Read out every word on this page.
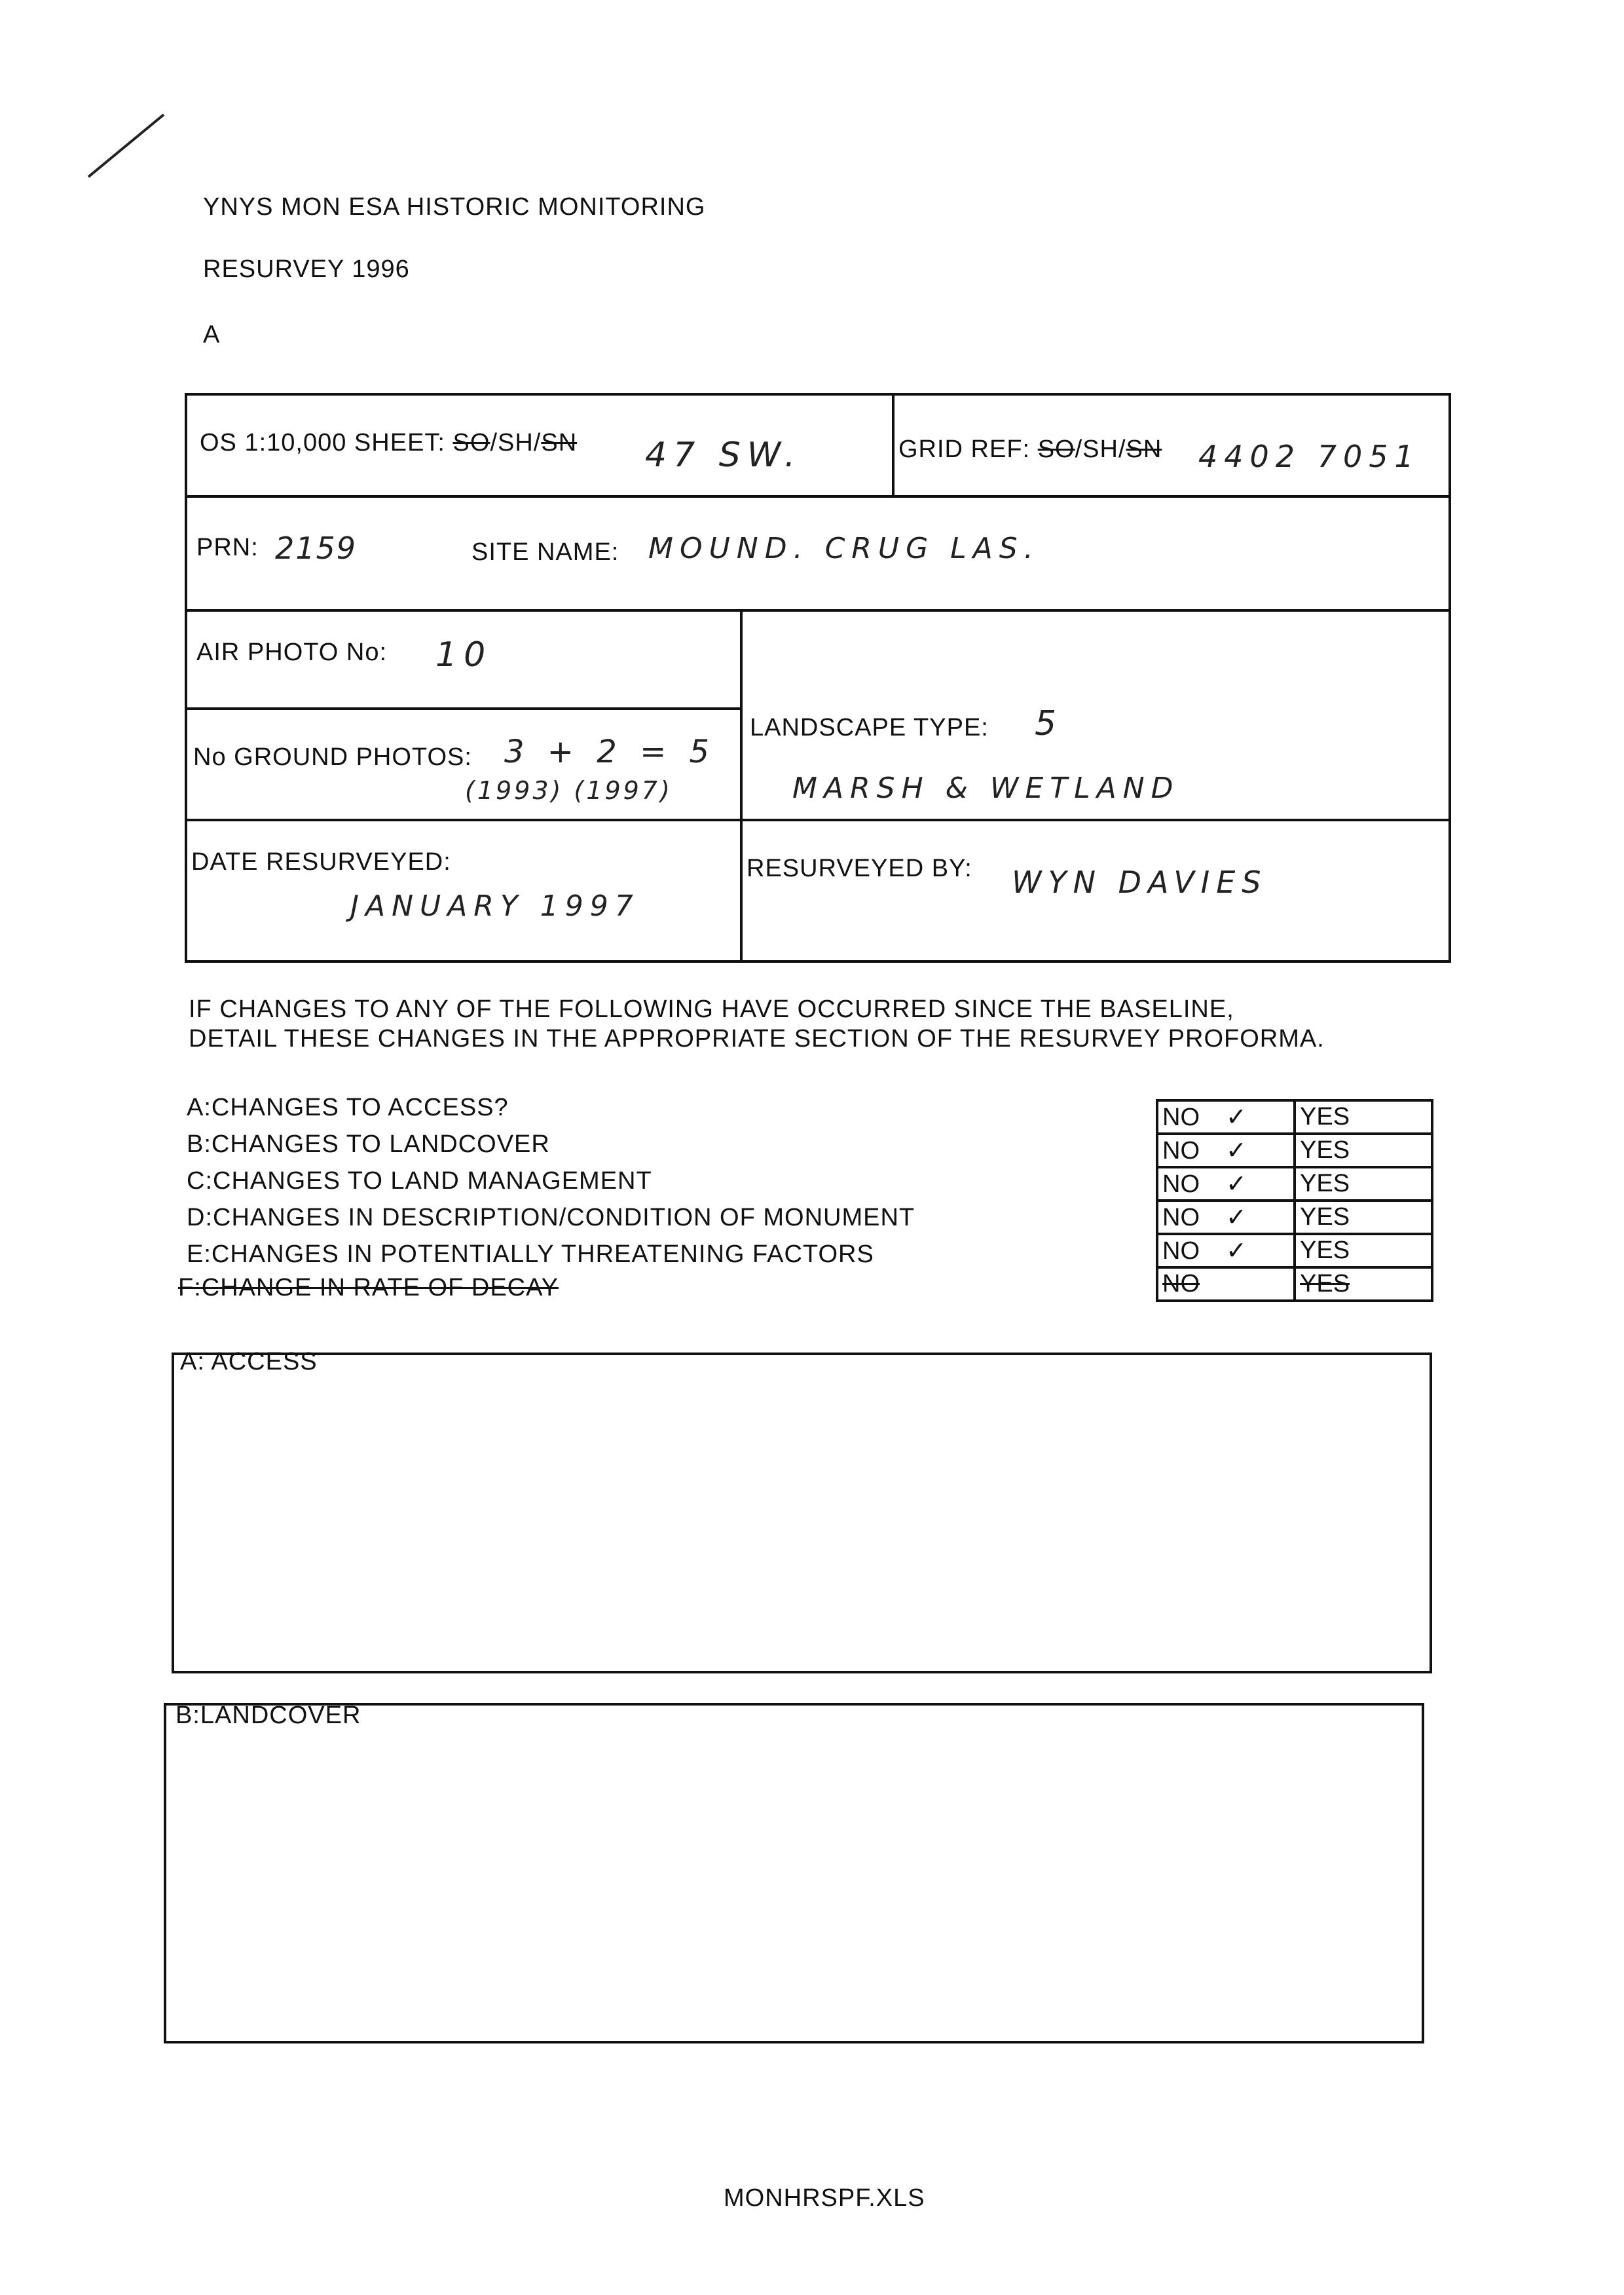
YNYS MON ESA HISTORIC MONITORING
RESURVEY 1996
A
OS 1:10,000 SHEET: SO/SH/SN 47 SW.	GRID REF: SO/SH/SN 4402 7051
PRN: 2159	SITE NAME: MOUND. CRUG LAS.
AIR PHOTO No: 10
No GROUND PHOTOS: 3 + 2 = 5
(1993) (1997)
LANDSCAPE TYPE: 5
MARSH & WETLAND
DATE RESURVEYED:
JANUARY 1997
RESURVEYED BY: WYN DAVIES
IF CHANGES TO ANY OF THE FOLLOWING HAVE OCCURRED SINCE THE BASELINE,
DETAIL THESE CHANGES IN THE APPROPRIATE SECTION OF THE RESURVEY PROFORMA.
A:CHANGES TO ACCESS?
B:CHANGES TO LANDCOVER
C:CHANGES TO LAND MANAGEMENT
D:CHANGES IN DESCRIPTION/CONDITION OF MONUMENT
E:CHANGES IN POTENTIALLY THREATENING FACTORS
F:CHANGE IN RATE OF DECAY
NO ✓	YES
NO ✓	YES
NO ✓	YES
NO ✓	YES
NO ✓	YES
NO	YES
A: ACCESS
B:LANDCOVER
MONHRSPF.XLS
